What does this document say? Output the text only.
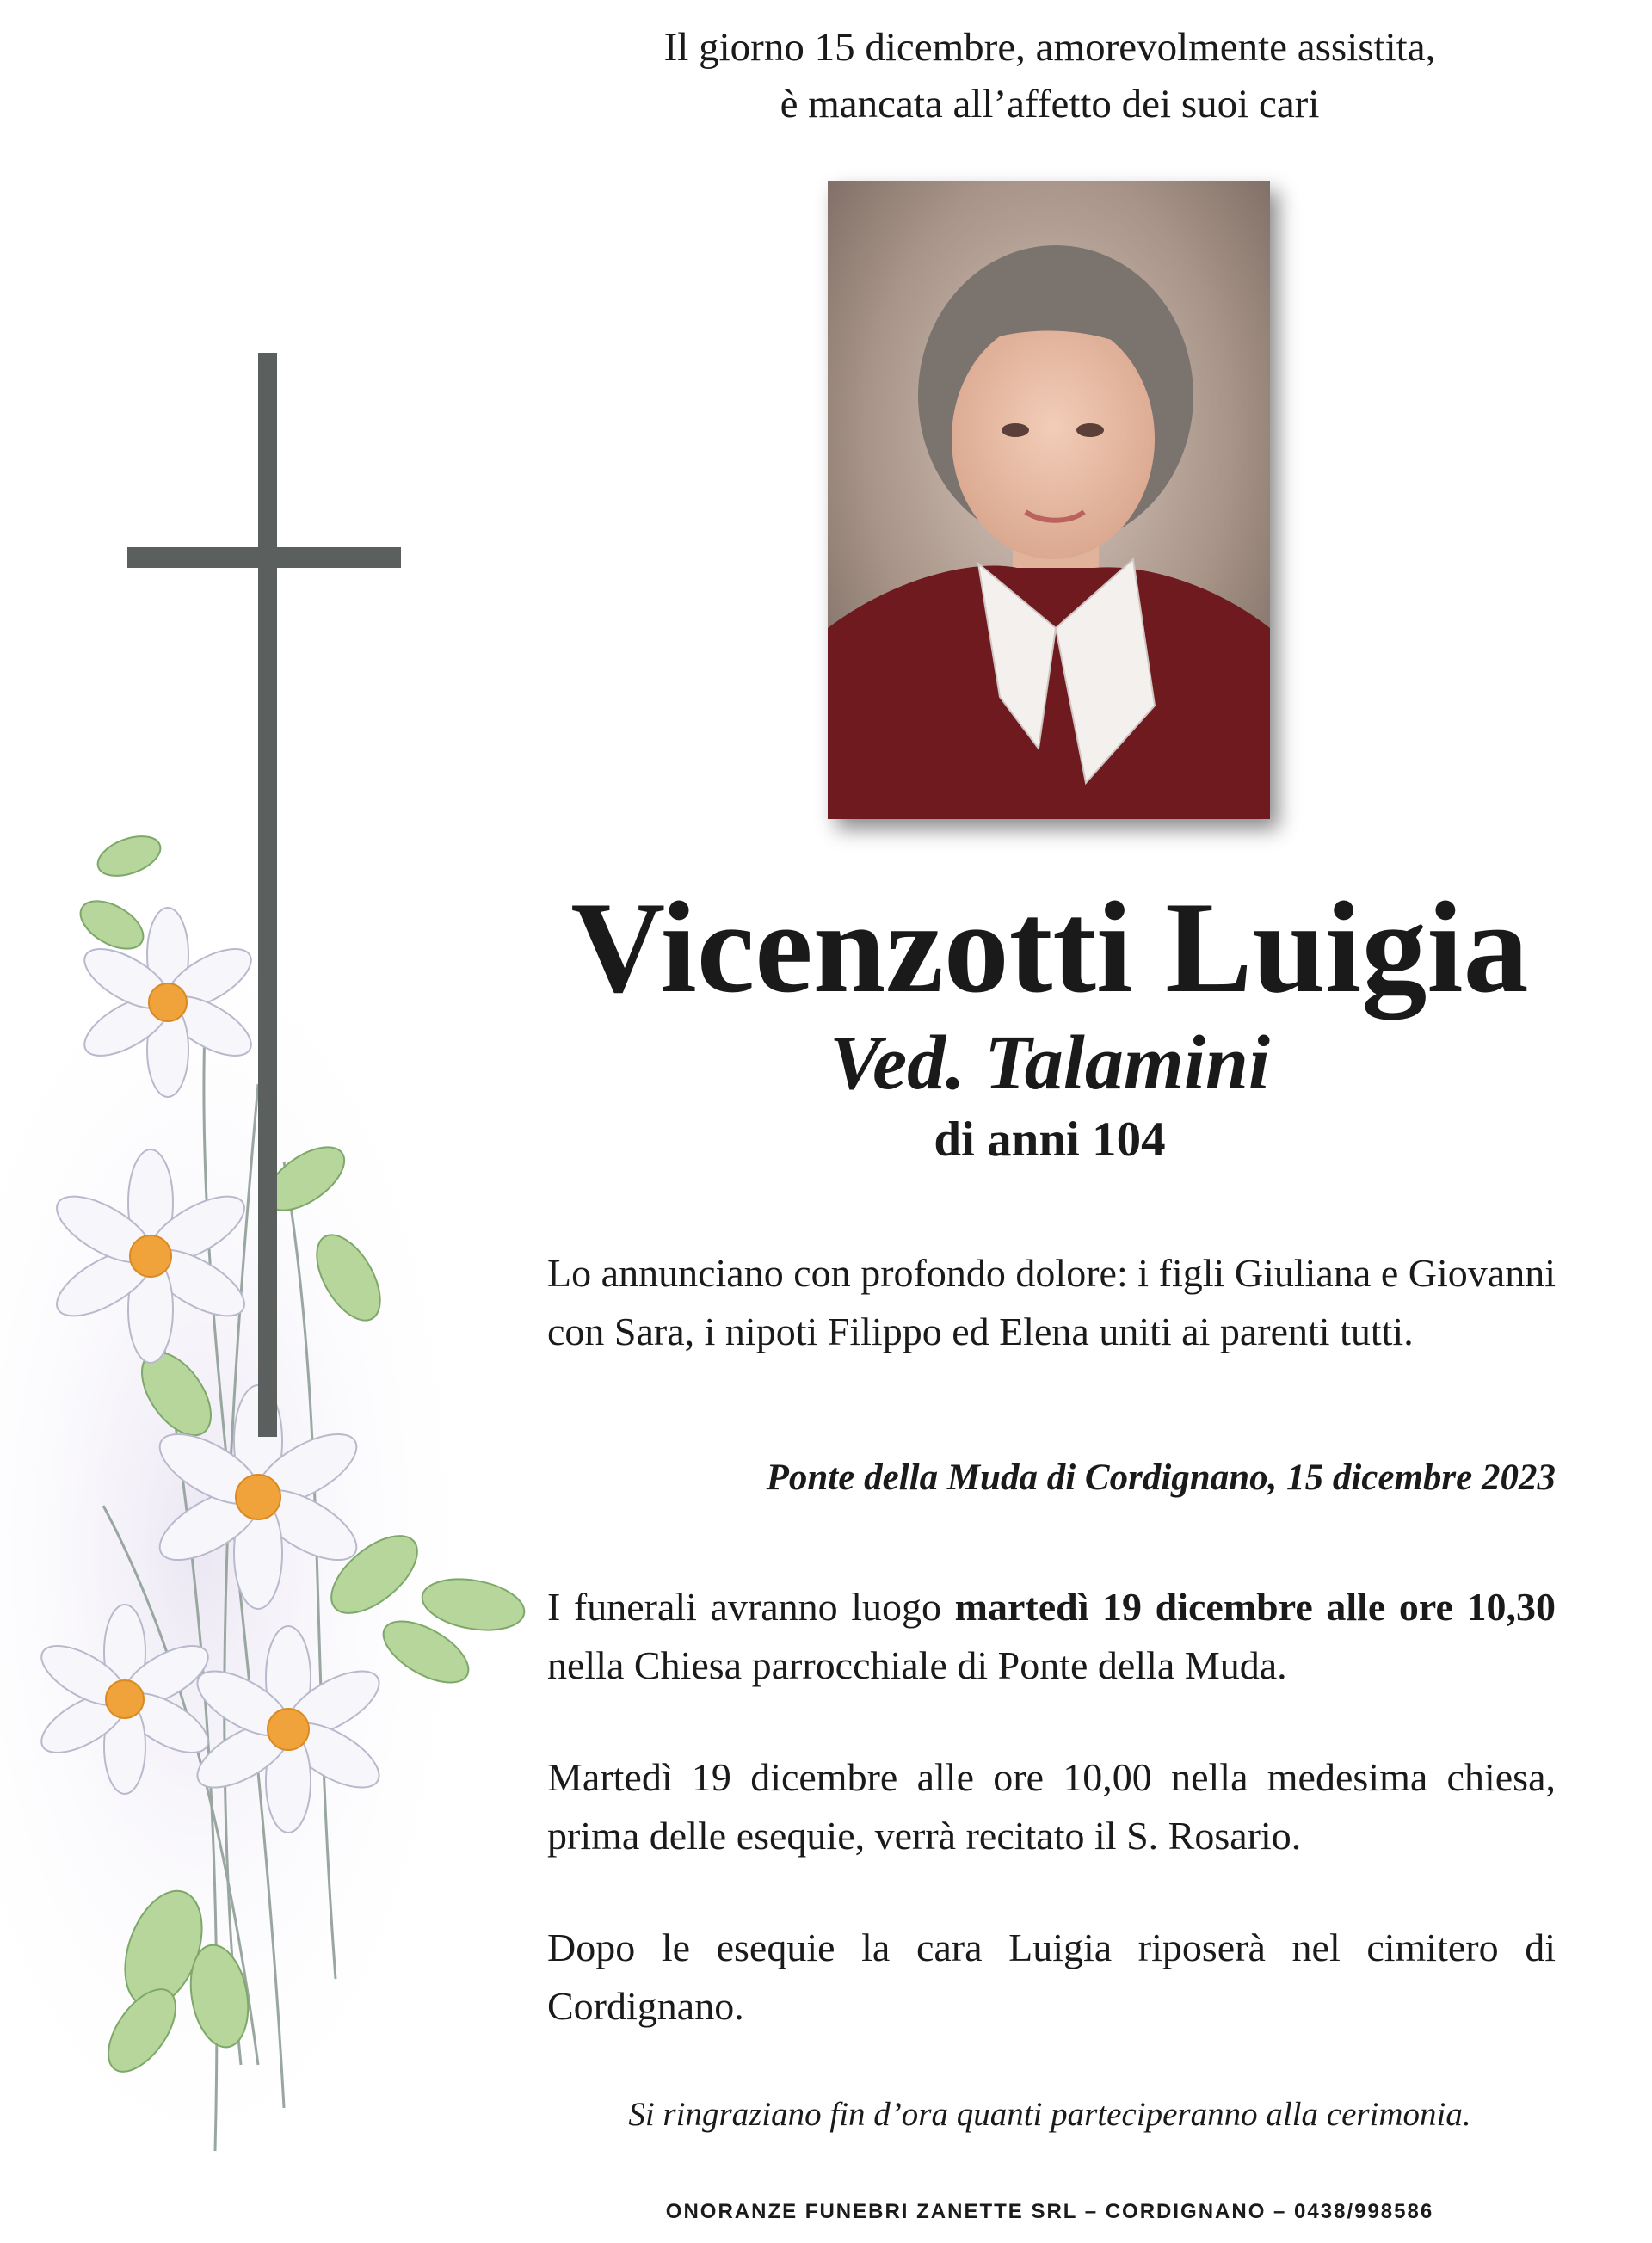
Il giorno 15 dicembre, amorevolmente assistita,
è mancata all’affetto dei suoi cari
Vicenzotti Luigia
Ved. Talamini
di anni 104
Lo annunciano con profondo dolore: i figli Giuliana e Giovanni con Sara, i nipoti Filippo ed Elena uniti ai parenti tutti.
Ponte della Muda di Cordignano, 15 dicembre 2023
I funerali avranno luogo martedì 19 dicembre alle ore 10,30 nella Chiesa parrocchiale di Ponte della Muda.
Martedì 19 dicembre alle ore 10,00 nella medesima chiesa, prima delle esequie, verrà recitato il S. Rosario.
Dopo le esequie la cara Luigia riposerà nel cimitero di Cordignano.
Si ringraziano fin d’ora quanti parteciperanno alla cerimonia.
ONORANZE FUNEBRI ZANETTE SRL – CORDIGNANO – 0438/998586
